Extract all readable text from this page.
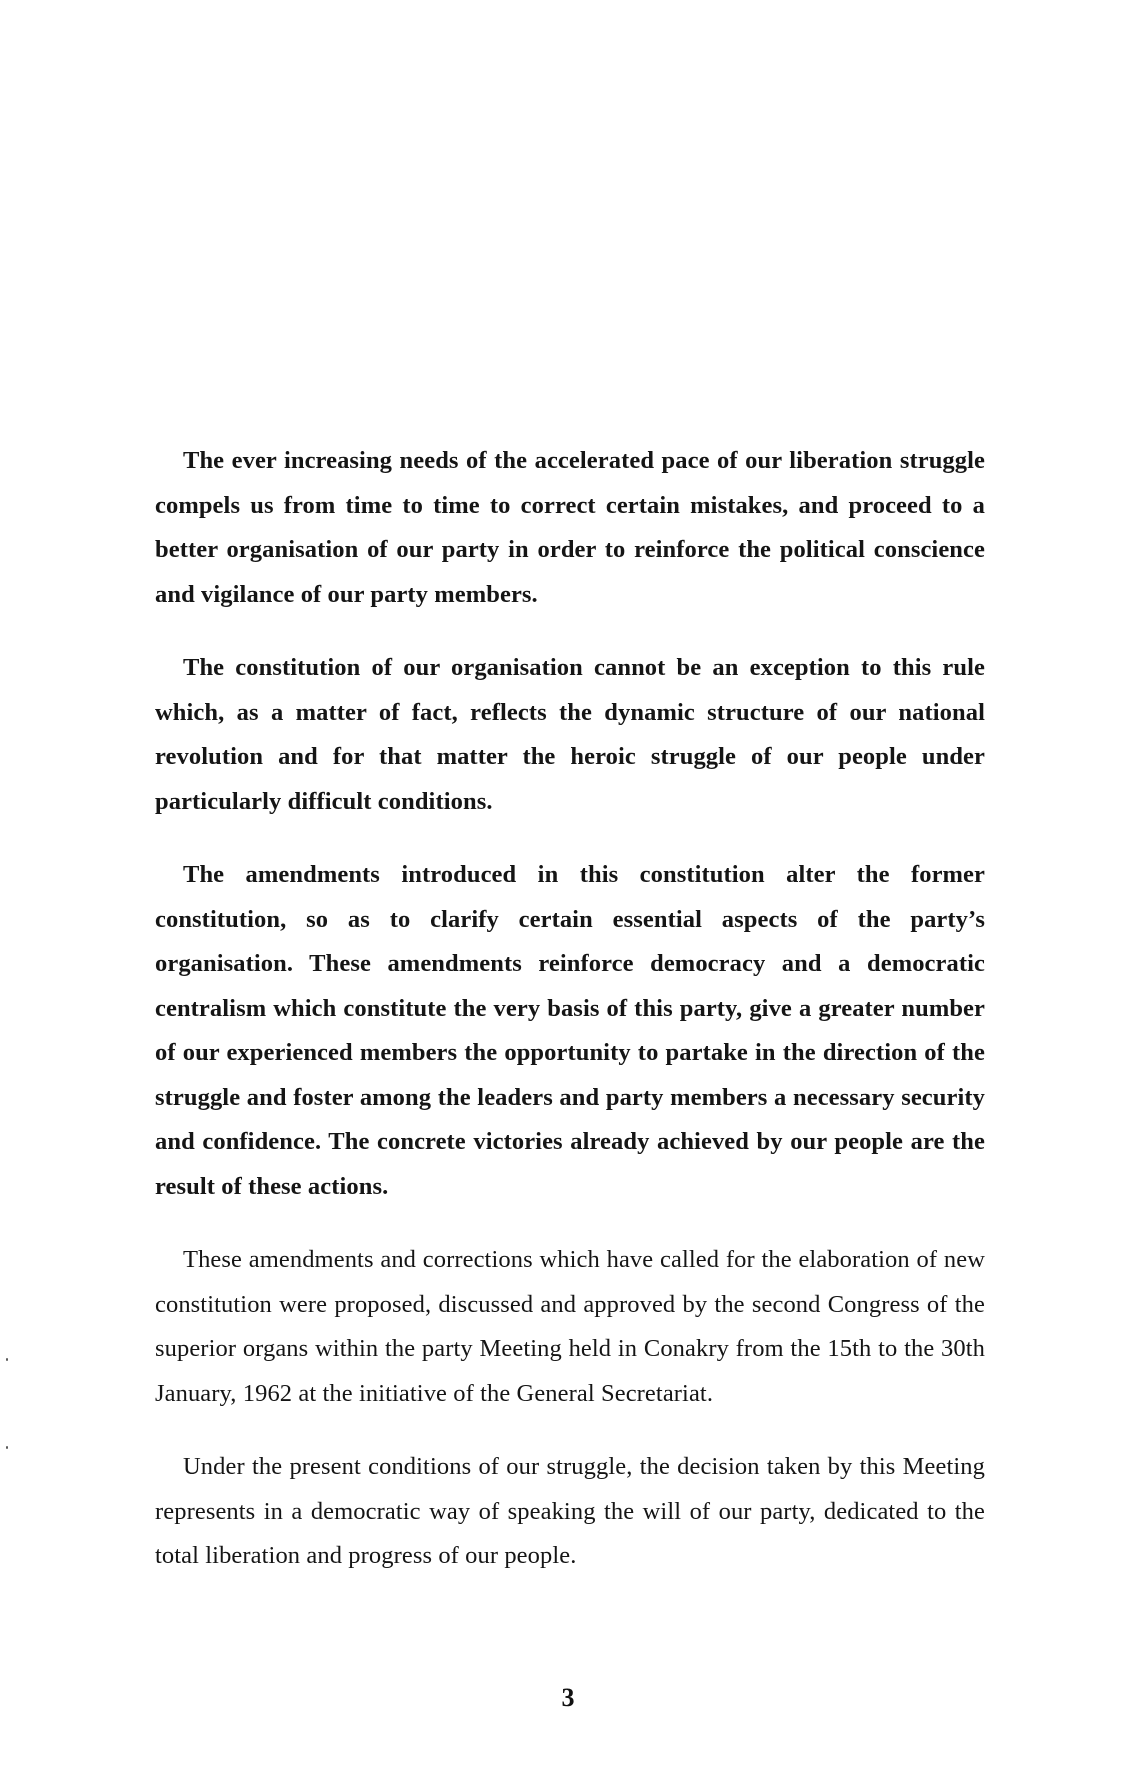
The ever increasing needs of the accelerated pace of our liberation struggle compels us from time to time to correct certain mistakes, and proceed to a better organisation of our party in order to reinforce the political conscience and vigilance of our party members.

The constitution of our organisation cannot be an exception to this rule which, as a matter of fact, reflects the dynamic structure of our national revolution and for that matter the heroic struggle of our people under particularly difficult conditions.

The amendments introduced in this constitution alter the former constitution, so as to clarify certain essential aspects of the party’s organisation. These amendments reinforce democracy and a democratic centralism which constitute the very basis of this party, give a greater number of our experienced members the opportunity to partake in the direction of the struggle and foster among the leaders and party members a necessary security and confidence. The concrete victories already achieved by our people are the result of these actions.

These amendments and corrections which have called for the elaboration of new constitution were proposed, discussed and approved by the second Congress of the superior organs within the party Meeting held in Conakry from the 15th to the 30th January, 1962 at the initiative of the General Secretariat.

Under the present conditions of our struggle, the decision taken by this Meeting represents in a democratic way of speaking the will of our party, dedicated to the total liberation and progress of our people.

3
